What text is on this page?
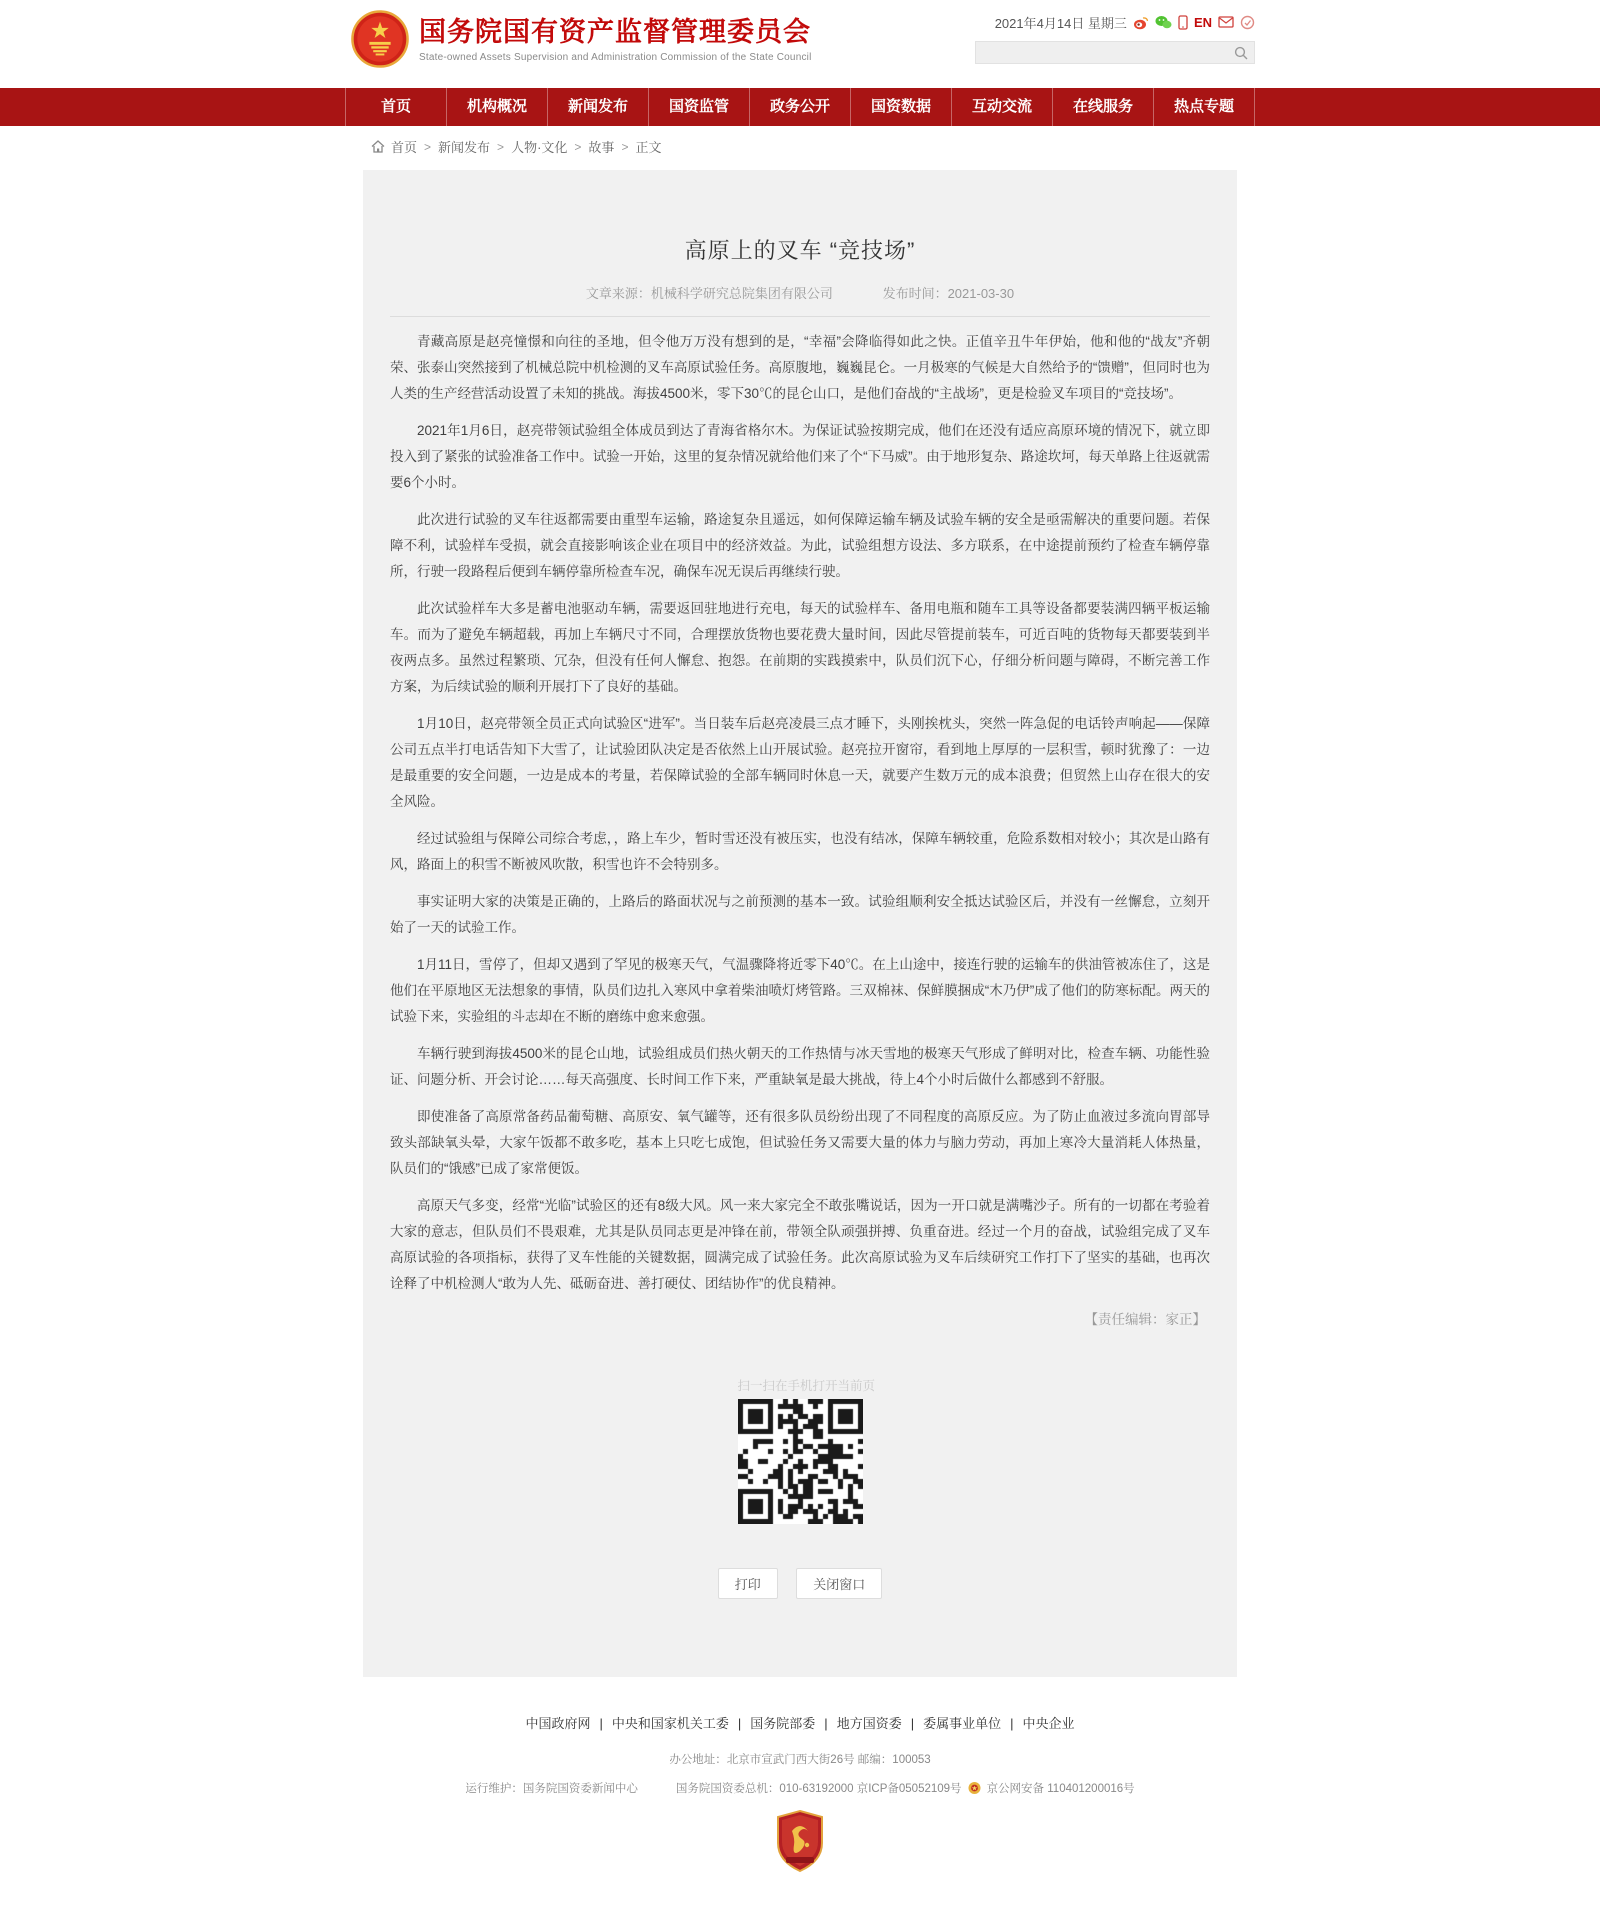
国务院国有资产监督管理委员会
State-owned Assets Supervision and Administration Commission of the State Council
2021年4月14日 星期三	EN
首页	机构概况	新闻发布	国资监管	政务公开	国资数据	互动交流	在线服务	热点专题
首页 > 新闻发布 > 人物·文化 > 故事 > 正文
高原上的叉车 “竞技场”
文章来源：机械科学研究总院集团有限公司	发布时间：2021-03-30

青藏高原是赵亮憧憬和向往的圣地，但令他万万没有想到的是，“幸福”会降临得如此之快。正值辛丑牛年伊始，他和他的“战友”齐朝荣、张泰山突然接到了机械总院中机检测的叉车高原试验任务。高原腹地，巍巍昆仑。一月极寒的气候是大自然给予的“馈赠”，但同时也为人类的生产经营活动设置了未知的挑战。海拔4500米，零下30℃的昆仑山口，是他们奋战的“主战场”，更是检验叉车项目的“竞技场”。

2021年1月6日，赵亮带领试验组全体成员到达了青海省格尔木。为保证试验按期完成，他们在还没有适应高原环境的情况下，就立即投入到了紧张的试验准备工作中。试验一开始，这里的复杂情况就给他们来了个“下马威”。由于地形复杂、路途坎坷，每天单路上往返就需要6个小时。

此次进行试验的叉车往返都需要由重型车运输，路途复杂且遥远，如何保障运输车辆及试验车辆的安全是亟需解决的重要问题。若保障不利，试验样车受损，就会直接影响该企业在项目中的经济效益。为此，试验组想方设法、多方联系，在中途提前预约了检查车辆停靠所，行驶一段路程后便到车辆停靠所检查车况，确保车况无误后再继续行驶。

此次试验样车大多是蓄电池驱动车辆，需要返回驻地进行充电，每天的试验样车、备用电瓶和随车工具等设备都要装满四辆平板运输车。而为了避免车辆超载，再加上车辆尺寸不同，合理摆放货物也要花费大量时间，因此尽管提前装车，可近百吨的货物每天都要装到半夜两点多。虽然过程繁琐、冗杂，但没有任何人懈怠、抱怨。在前期的实践摸索中，队员们沉下心，仔细分析问题与障碍，不断完善工作方案，为后续试验的顺利开展打下了良好的基础。

1月10日，赵亮带领全员正式向试验区“进军”。当日装车后赵亮凌晨三点才睡下，头刚挨枕头，突然一阵急促的电话铃声响起——保障公司五点半打电话告知下大雪了，让试验团队决定是否依然上山开展试验。赵亮拉开窗帘，看到地上厚厚的一层积雪，顿时犹豫了：一边是最重要的安全问题，一边是成本的考量，若保障试验的全部车辆同时休息一天，就要产生数万元的成本浪费；但贸然上山存在很大的安全风险。

经过试验组与保障公司综合考虑，，路上车少，暂时雪还没有被压实，也没有结冰，保障车辆较重，危险系数相对较小；其次是山路有风，路面上的积雪不断被风吹散，积雪也许不会特别多。

事实证明大家的决策是正确的，上路后的路面状况与之前预测的基本一致。试验组顺利安全抵达试验区后，并没有一丝懈怠，立刻开始了一天的试验工作。

1月11日，雪停了，但却又遇到了罕见的极寒天气，气温骤降将近零下40℃。在上山途中，接连行驶的运输车的供油管被冻住了，这是他们在平原地区无法想象的事情，队员们边扎入寒风中拿着柴油喷灯烤管路。三双棉袜、保鲜膜捆成“木乃伊”成了他们的防寒标配。两天的试验下来，实验组的斗志却在不断的磨练中愈来愈强。

车辆行驶到海拔4500米的昆仑山地，试验组成员们热火朝天的工作热情与冰天雪地的极寒天气形成了鲜明对比，检查车辆、功能性验证、问题分析、开会讨论……每天高强度、长时间工作下来，严重缺氧是最大挑战，待上4个小时后做什么都感到不舒服。

即使准备了高原常备药品葡萄糖、高原安、氧气罐等，还有很多队员纷纷出现了不同程度的高原反应。为了防止血液过多流向胃部导致头部缺氧头晕，大家午饭都不敢多吃，基本上只吃七成饱，但试验任务又需要大量的体力与脑力劳动，再加上寒冷大量消耗人体热量，队员们的“饿感”已成了家常便饭。

高原天气多变，经常“光临”试验区的还有8级大风。风一来大家完全不敢张嘴说话，因为一开口就是满嘴沙子。所有的一切都在考验着大家的意志，但队员们不畏艰难，尤其是队员同志更是冲锋在前，带领全队顽强拼搏、负重奋进。经过一个月的奋战，试验组完成了叉车高原试验的各项指标，获得了叉车性能的关键数据，圆满完成了试验任务。此次高原试验为叉车后续研究工作打下了坚实的基础，也再次诠释了中机检测人“敢为人先、砥砺奋进、善打硬仗、团结协作”的优良精神。

【责任编辑：家正】
扫一扫在手机打开当前页
打印	关闭窗口
中国政府网 | 中央和国家机关工委 | 国务院部委 | 地方国资委 | 委属事业单位 | 中央企业
办公地址：北京市宣武门西大街26号 邮编：100053
运行维护：国务院国资委新闻中心	国务院国资委总机：010-63192000 京ICP备05052109号 京公网安备 110401200016号
